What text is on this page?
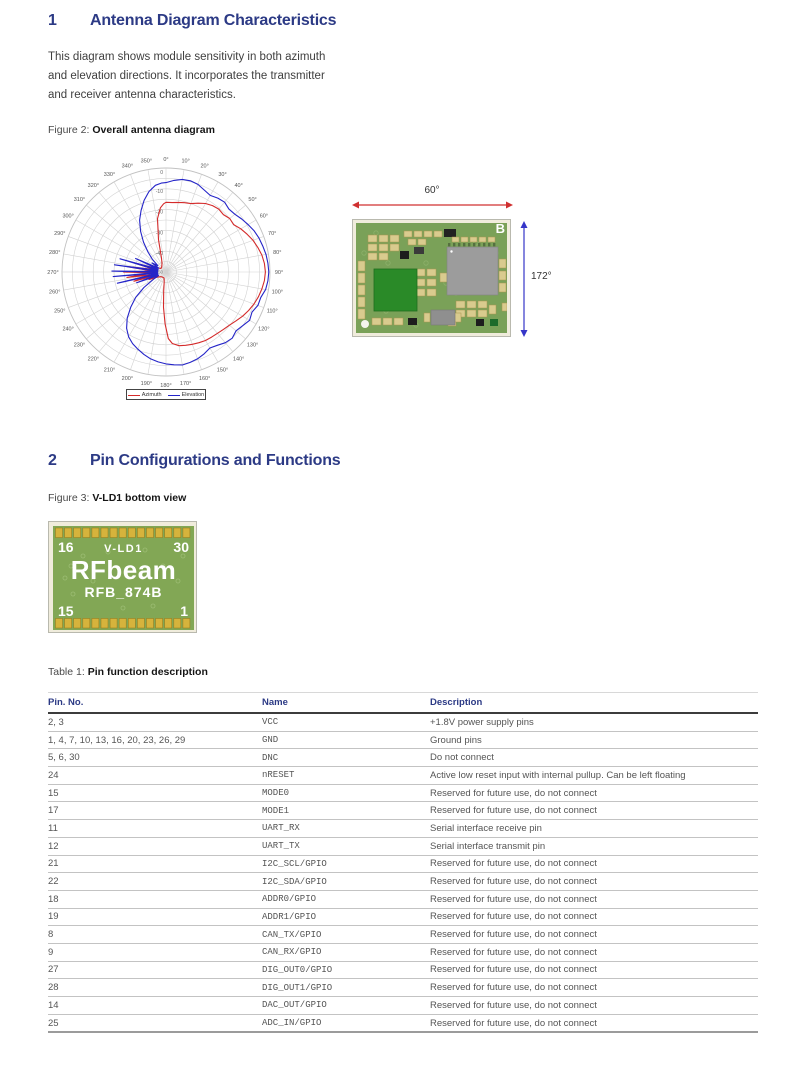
1 Antenna Diagram Characteristics
This diagram shows module sensitivity in both azimuth
and elevation directions. It incorporates the transmitter
and receiver antenna characteristics.
Figure 2: Overall antenna diagram
0° 10°
20°
30°
40°
50°
60°
70°
80°
90°
100°
110°
120°
130°
140°
150°
160°
170°
180°
190°
200°
210°
220°
230°
240°
250°
260°
270°
280°
290°
300°
310°
320°
330°
340°
350°
0
-10
-20
-30
-40
-50
Azimuth	Elevation
60°
172°
B
2 Pin Configurations and Functions
Figure 3: V-LD1 bottom view
16	30
V-LD1
RFbeam
RFB_874B
15	1
Table 1: Pin function description
Pin. No.	Name	Description
2, 3	VCC	+1.8V power supply pins
1, 4, 7, 10, 13, 16, 20, 23, 26, 29	GND	Ground pins
5, 6, 30	DNC	Do not connect
24	nRESET	Active low reset input with internal pullup. Can be left floating
15	MODE0	Reserved for future use, do not connect
17	MODE1	Reserved for future use, do not connect
11	UART_RX	Serial interface receive pin
12	UART_TX	Serial interface transmit pin
21	I2C_SCL/GPIO	Reserved for future use, do not connect
22	I2C_SDA/GPIO	Reserved for future use, do not connect
18	ADDR0/GPIO	Reserved for future use, do not connect
19	ADDR1/GPIO	Reserved for future use, do not connect
8	CAN_TX/GPIO	Reserved for future use, do not connect
9	CAN_RX/GPIO	Reserved for future use, do not connect
27	DIG_OUT0/GPIO	Reserved for future use, do not connect
28	DIG_OUT1/GPIO	Reserved for future use, do not connect
14	DAC_OUT/GPIO	Reserved for future use, do not connect
25	ADC_IN/GPIO	Reserved for future use, do not connect
